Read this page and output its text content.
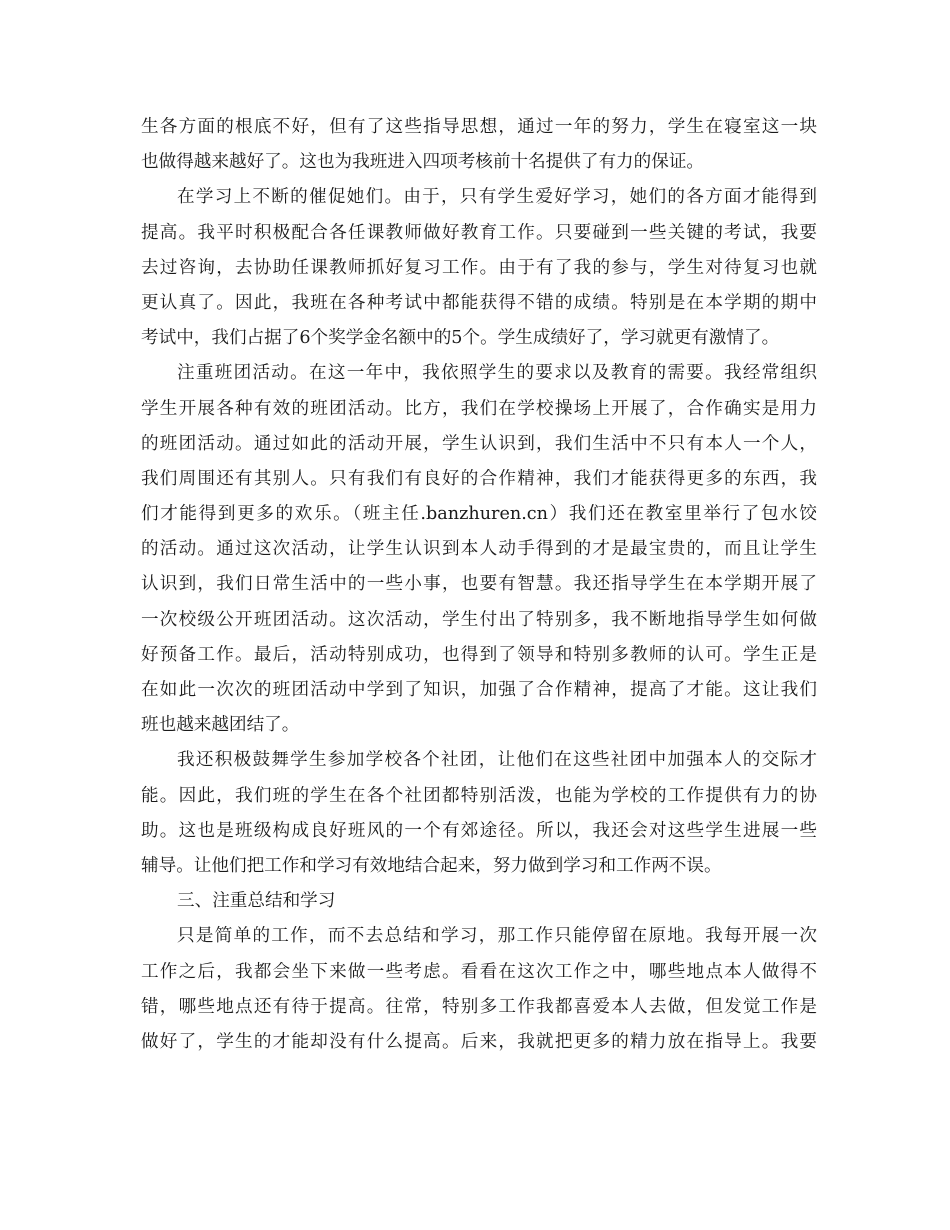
生各方面的根底不好，但有了这些指导思想，通过一年的努力，学生在寝室这一块
也做得越来越好了。这也为我班进入四项考核前十名提供了有力的保证。
在学习上不断的催促她们。由于，只有学生爱好学习，她们的各方面才能得到
提高。我平时积极配合各任课教师做好教育工作。只要碰到一些关键的考试，我要
去过咨询，去协助任课教师抓好复习工作。由于有了我的参与，学生对待复习也就
更认真了。因此，我班在各种考试中都能获得不错的成绩。特别是在本学期的期中
考试中，我们占据了6个奖学金名额中的5个。学生成绩好了，学习就更有激情了。
注重班团活动。在这一年中，我依照学生的要求以及教育的需要。我经常组织
学生开展各种有效的班团活动。比方，我们在学校操场上开展了，合作确实是用力
的班团活动。通过如此的活动开展，学生认识到，我们生活中不只有本人一个人，
我们周围还有其别人。只有我们有良好的合作精神，我们才能获得更多的东西，我
们才能得到更多的欢乐。（班主任.banzhuren.cn）我们还在教室里举行了包水饺
的活动。通过这次活动，让学生认识到本人动手得到的才是最宝贵的，而且让学生
认识到，我们日常生活中的一些小事，也要有智慧。我还指导学生在本学期开展了
一次校级公开班团活动。这次活动，学生付出了特别多，我不断地指导学生如何做
好预备工作。最后，活动特别成功，也得到了领导和特别多教师的认可。学生正是
在如此一次次的班团活动中学到了知识，加强了合作精神，提高了才能。这让我们
班也越来越团结了。
我还积极鼓舞学生参加学校各个社团，让他们在这些社团中加强本人的交际才
能。因此，我们班的学生在各个社团都特别活泼，也能为学校的工作提供有力的协
助。这也是班级构成良好班风的一个有郊途径。所以，我还会对这些学生进展一些
辅导。让他们把工作和学习有效地结合起来，努力做到学习和工作两不误。
三、注重总结和学习
只是简单的工作，而不去总结和学习，那工作只能停留在原地。我每开展一次
工作之后，我都会坐下来做一些考虑。看看在这次工作之中，哪些地点本人做得不
错，哪些地点还有待于提高。往常，特别多工作我都喜爱本人去做，但发觉工作是
做好了，学生的才能却没有什么提高。后来，我就把更多的精力放在指导上。我要
